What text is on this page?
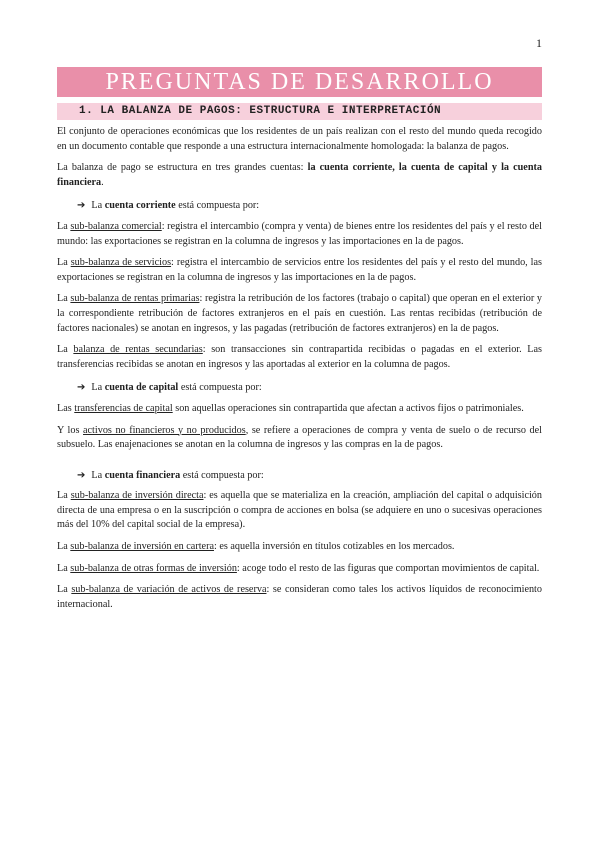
1
PREGUNTAS DE DESARROLLO
1. LA BALANZA DE PAGOS: ESTRUCTURA E INTERPRETACIÓN

El conjunto de operaciones económicas que los residentes de un país realizan con el resto del mundo queda recogido en un documento contable que responde a una estructura internacionalmente homologada: la balanza de pagos.

La balanza de pago se estructura en tres grandes cuentas: la cuenta corriente, la cuenta de capital y la cuenta financiera.

➔ La cuenta corriente está compuesta por:

La sub-balanza comercial: registra el intercambio (compra y venta) de bienes entre los residentes del país y el resto del mundo: las exportaciones se registran en la columna de ingresos y las importaciones en la de pagos.

La sub-balanza de servicios: registra el intercambio de servicios entre los residentes del país y el resto del mundo, las exportaciones se registran en la columna de ingresos y las importaciones en la de pagos.

La sub-balanza de rentas primarias: registra la retribución de los factores (trabajo o capital) que operan en el exterior y la correspondiente retribución de factores extranjeros en el país en cuestión. Las rentas recibidas (retribución de factores nacionales) se anotan en ingresos, y las pagadas (retribución de factores extranjeros) en la de pagos.

La balanza de rentas secundarias: son transacciones sin contrapartida recibidas o pagadas en el exterior. Las transferencias recibidas se anotan en ingresos y las aportadas al exterior en la columna de pagos.

➔ La cuenta de capital está compuesta por:

Las transferencias de capital son aquellas operaciones sin contrapartida que afectan a activos fijos o patrimoniales.

Y los activos no financieros y no producidos, se refiere a operaciones de compra y venta de suelo o de recurso del subsuelo. Las enajenaciones se anotan en la columna de ingresos y las compras en la de pagos.

➔ La cuenta financiera está compuesta por:

La sub-balanza de inversión directa: es aquella que se materializa en la creación, ampliación del capital o adquisición directa de una empresa o en la suscripción o compra de acciones en bolsa (se adquiere en uno o sucesivas operaciones más del 10% del capital social de la empresa).

La sub-balanza de inversión en cartera: es aquella inversión en títulos cotizables en los mercados.

La sub-balanza de otras formas de inversión: acoge todo el resto de las figuras que comportan movimientos de capital.

La sub-balanza de variación de activos de reserva: se consideran como tales los activos líquidos de reconocimiento internacional.
